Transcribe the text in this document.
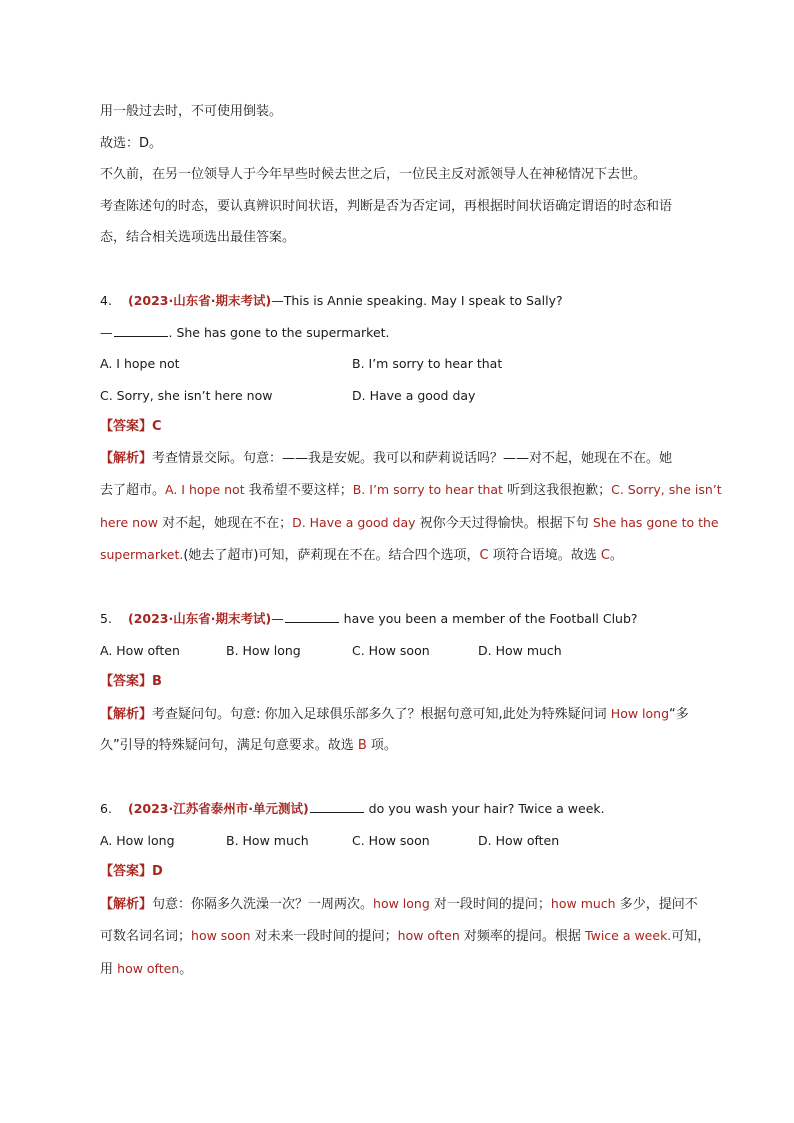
用一般过去时，不可使用倒装。
故选：D。
不久前，在另一位领导人于今年早些时候去世之后，一位民主反对派领导人在神秘情况下去世。
考查陈述句的时态，要认真辨识时间状语，判断是否为否定词，再根据时间状语确定谓语的时态和语
态，结合相关选项选出最佳答案。
4. (2023·山东省·期末考试)—This is Annie speaking. May I speak to Sally?
—	. She has gone to the supermarket.
A. I hope not	B. I’m sorry to hear that
C. Sorry, she isn’t here now	D. Have a good day
【答案】C
【解析】考查情景交际。句意：——我是安妮。我可以和萨莉说话吗？——对不起，她现在不在。她
去了超市。A. I hope not 我希望不要这样；B. I’m sorry to hear that 听到这我很抱歉；C. Sorry, she isn’t
here now 对不起，她现在不在；D. Have a good day 祝你今天过得愉快。根据下句 She has gone to the
supermarket.(她去了超市)可知，萨莉现在不在。结合四个选项，C 项符合语境。故选 C。
5. (2023·山东省·期末考试)—	have you been a member of the Football Club?
A. How often	B. How long	C. How soon	D. How much
【答案】B
【解析】考查疑问句。句意: 你加入足球俱乐部多久了？根据句意可知,此处为特殊疑问词 How long“多
久”引导的特殊疑问句，满足句意要求。故选 B 项。
6. (2023·江苏省泰州市·单元测试)	do you wash your hair? Twice a week.
A. How long	B. How much	C. How soon	D. How often
【答案】D
【解析】句意：你隔多久洗澡一次？一周两次。how long 对一段时间的提问；how much 多少，提问不
可数名词名词；how soon 对未来一段时间的提问；how often 对频率的提问。根据 Twice a week.可知，
用 how often。
